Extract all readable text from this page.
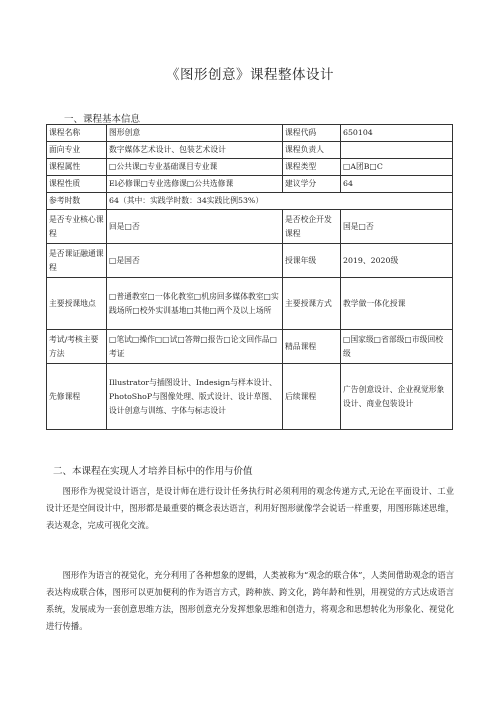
《图形创意》课程整体设计
一、课程基本信息
课程名称	图形创意	课程代码	650104
面向专业	数字媒体艺术设计、包装艺术设计	课程负责人	
课程属性	□公共课□专业基础课目专业课	课程类型	□A团B□C
课程性质	El必修课□专业选修课□公共选修课	建议学分	64
参考时数	64（其中：实践学时数：34实践比例53%）		
是否专业核心课程	回是□否	是否校企开发课程	国是□否
是否课证融通课程	□是国否	授课年级	2019、2020级
主要授课地点	□普通教室□一体化教室□机房回多媒体教室□实践场所□校外实训基地□其他□两个及以上场所	主要授课方式	教学做一体化授课
考试/考核主要方法	□笔试□操作□□试□答辩□报告□论文回作品□考证	精品课程	□国家级□省部级□市级回校级
先修课程	Illustrator与插图设计、Indesign与样本设计、PhotoShoP与图像处理、版式设计、设计草图、设计创意与训练、字体与标志设计	后续课程	广告创意设计、企业视觉形象设计、商业包装设计
二、本课程在实现人才培养目标中的作用与价值
图形作为视觉设计语言，是设计师在进行设计任务执行时必须利用的观念传递方式,无论在平面设计、工业设计还是空间设计中，图形都是最重要的概念表达语言，利用好图形就像学会说话一样重要，用图形陈述思维，表达观念，完成可视化交流。
图形作为语言的视觉化，充分利用了各种想象的逻辑，人类被称为“观念的联合体”，人类间借助观念的语言表达构成联合体，图形可以更加便利的作为语言方式，跨种族、跨文化，跨年龄和性别，用视觉的方式达成语言系统，发展成为一套创意思维方法，图形创意充分发挥想象思维和创造力，将观念和思想转化为形象化、视觉化进行传播。
